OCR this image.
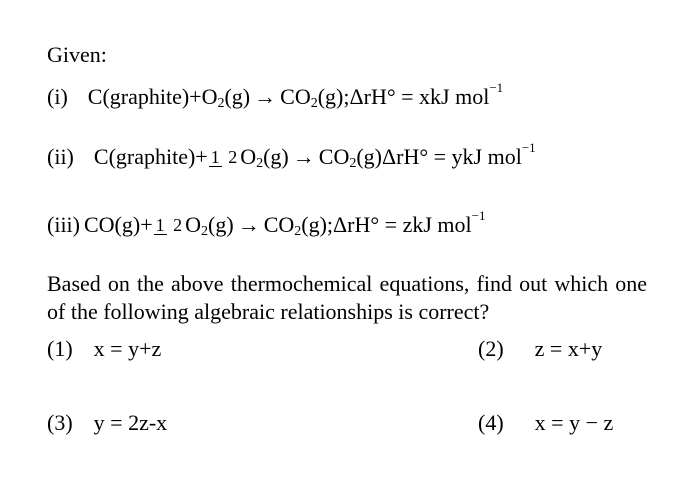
Given:
(i) C(graphite) + O 2 (g) → CO 2 (g); ΔrH° = xkJ mol −1
(ii) C(graphite) + 1 2 O 2 (g) → CO 2 (g) ΔrH° = ykJ mol −1
(iii) CO(g) + 1 2 O 2 (g) → CO 2 (g); ΔrH° = zkJ mol −1
Based on the above thermochemical equations, find out which one of the following algebraic relationships is correct?
(1) x = y+z	(2) z = x+y
(3) y = 2z-x	(4) x = y − z
